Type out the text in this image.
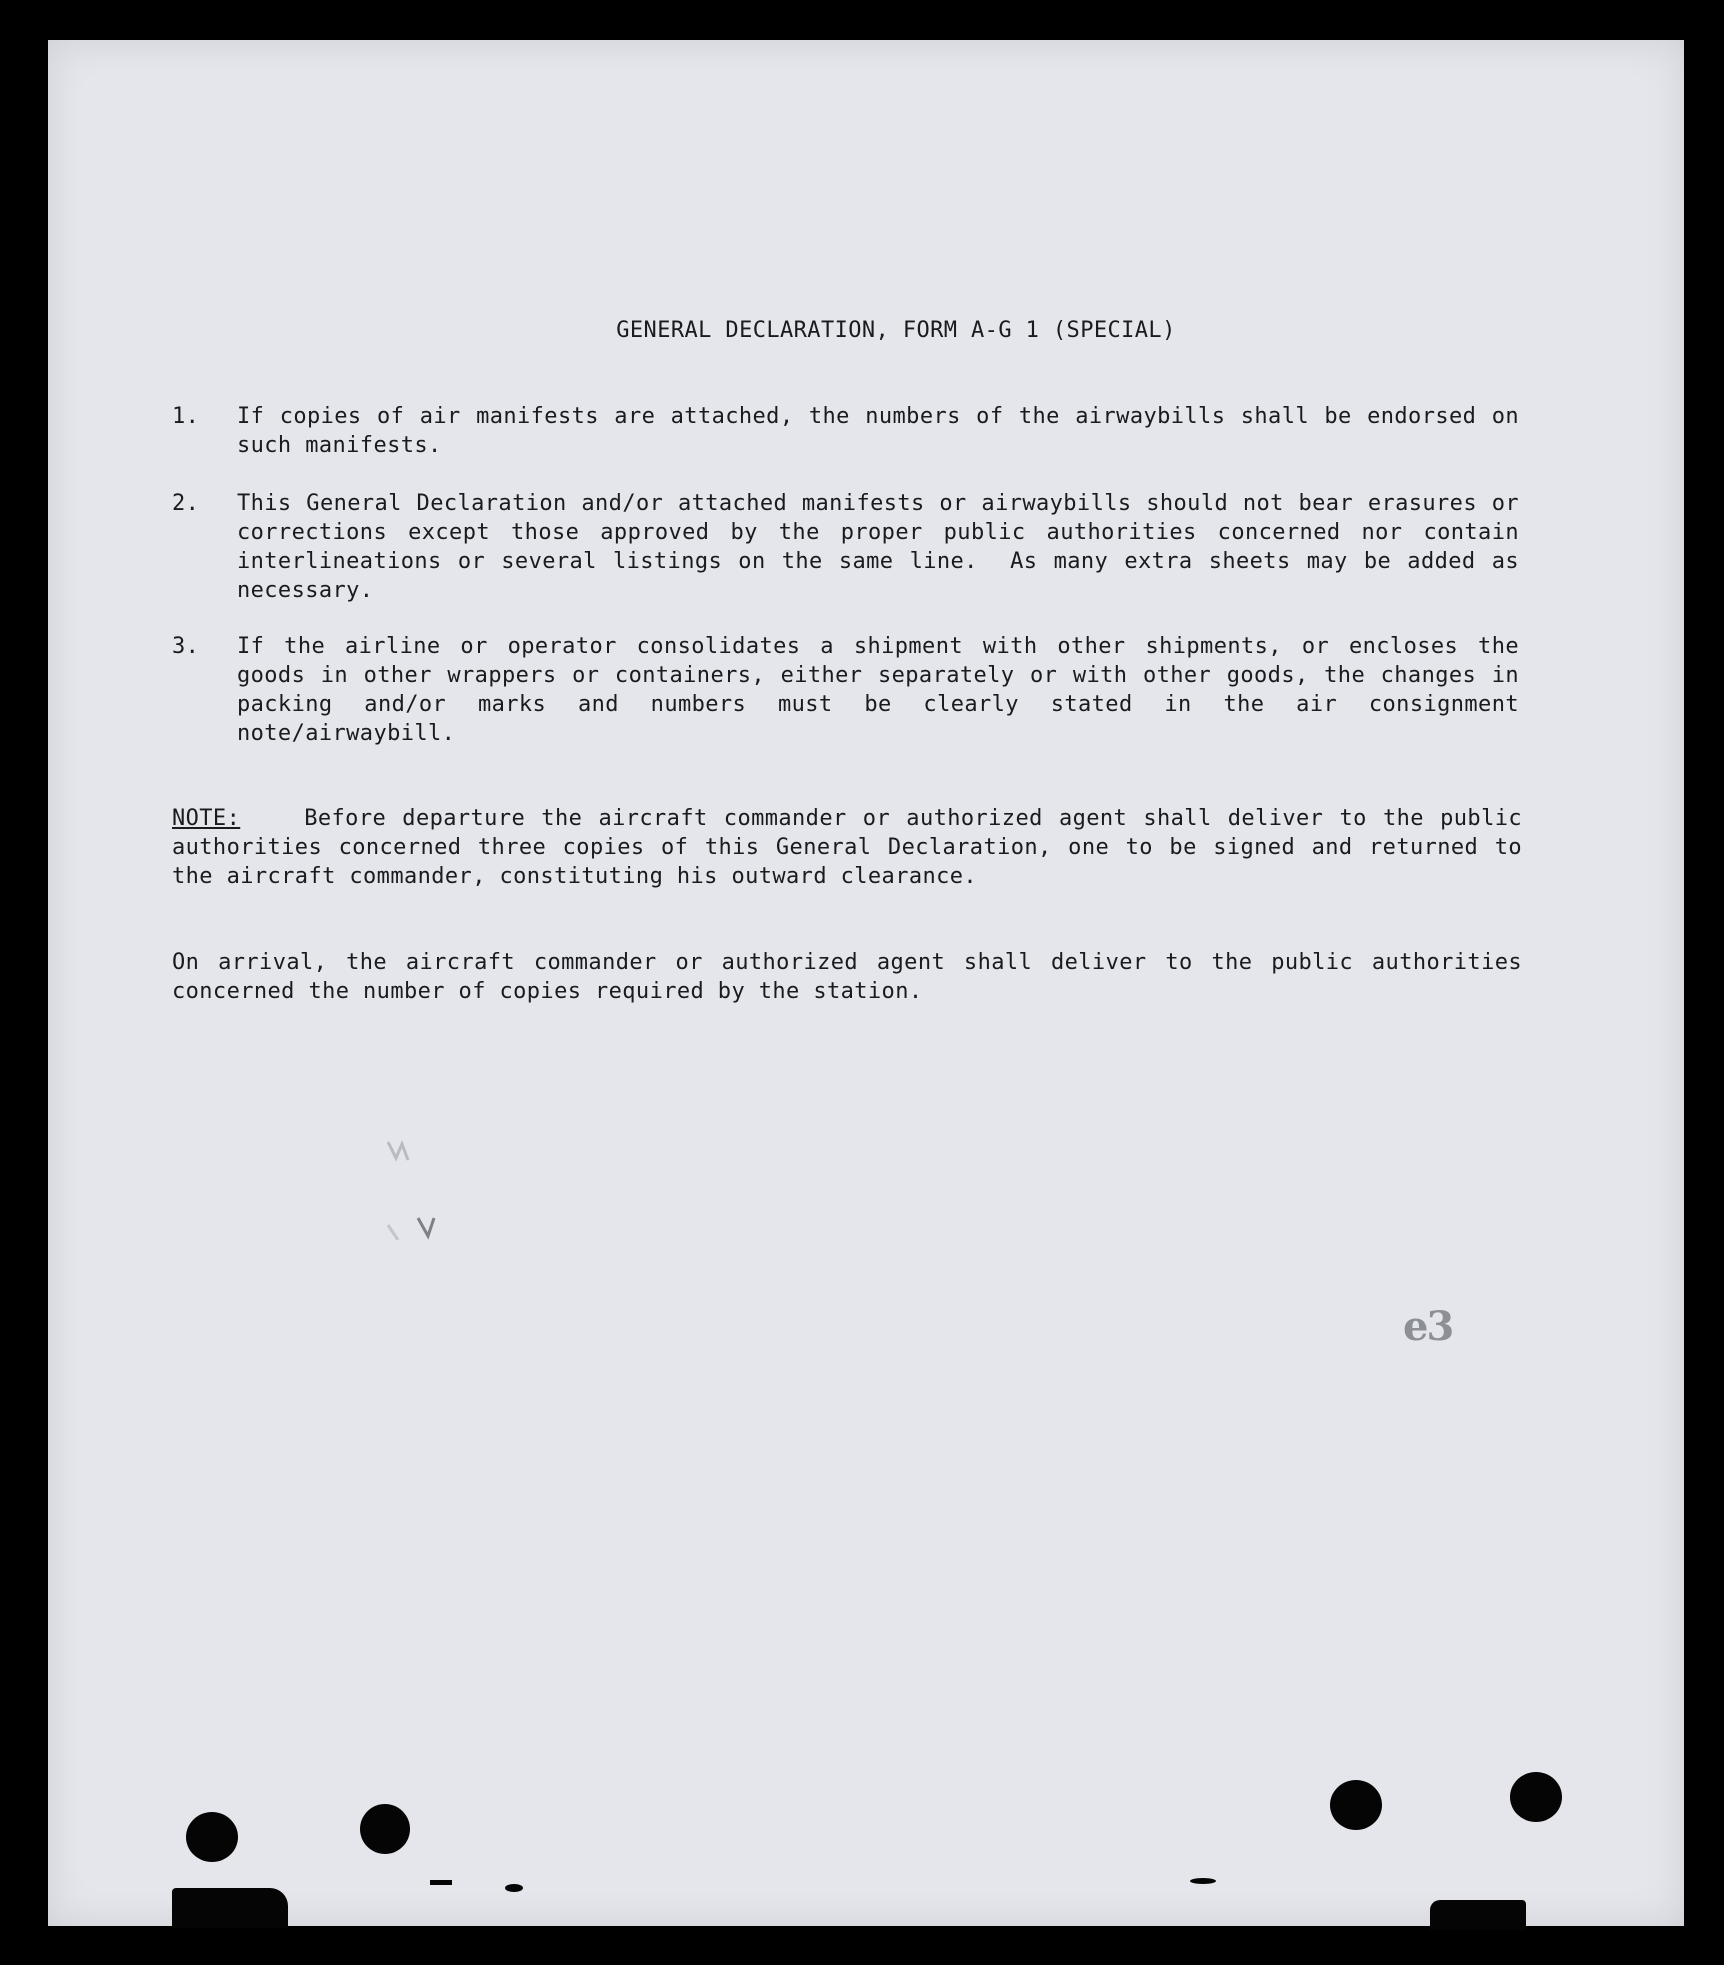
GENERAL DECLARATION, FORM A-G 1 (SPECIAL)
1.	If copies of air manifests are attached, the numbers of the airwaybills shall be endorsed on such manifests.
2.	This General Declaration and/or attached manifests or airwaybills should not bear erasures or corrections except those approved by the proper public authorities concerned nor contain interlineations or several listings on the same line.  As many extra sheets may be added as necessary.
3.	If the airline or operator consolidates a shipment with other shipments, or encloses the goods in other wrappers or containers, either separately or with other goods, the changes in packing and/or marks and numbers must be clearly stated in the air consignment note/airwaybill.
NOTE:	Before departure the aircraft commander or authorized agent shall deliver to the public authorities concerned three copies of this General Declaration, one to be signed and returned to the aircraft commander, constituting his outward clearance.
On arrival, the aircraft commander or authorized agent shall deliver to the public authorities concerned the number of copies required by the station.
e3
